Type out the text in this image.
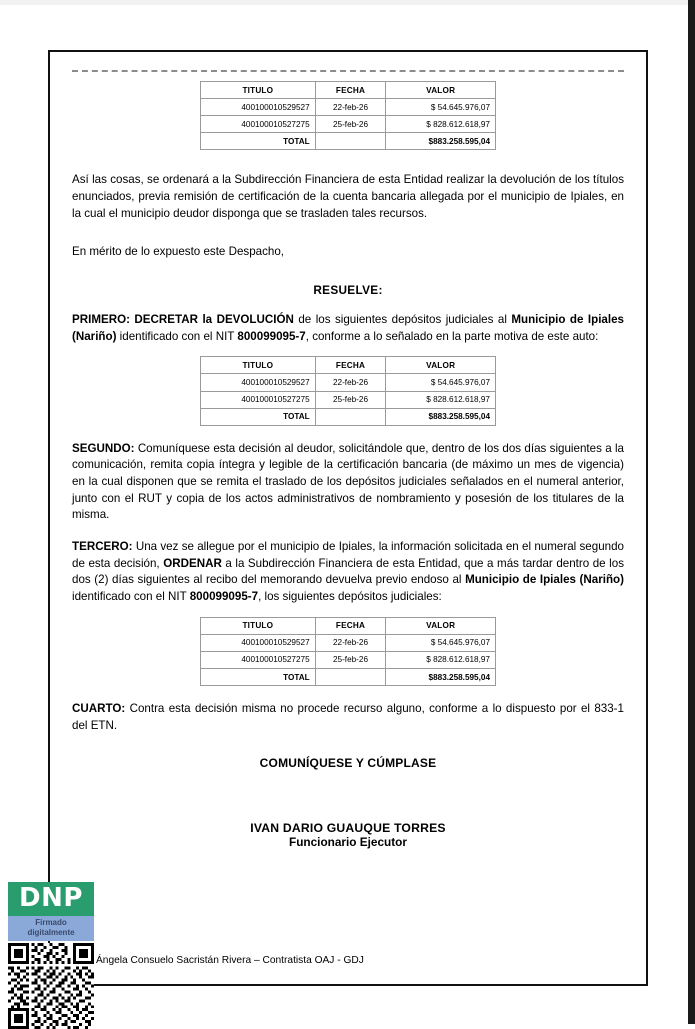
TITULO	FECHA	VALOR
400100010529527	22-feb-26	$ 54.645.976,07
400100010527275	25-feb-26	$ 828.612.618,97
TOTAL		$883.258.595,04

Así las cosas, se ordenará a la Subdirección Financiera de esta Entidad realizar la devolución de los títulos enunciados, previa remisión de certificación de la cuenta bancaria allegada por el municipio de Ipiales, en la cual el municipio deudor disponga que se trasladen tales recursos.

En mérito de lo expuesto este Despacho,

RESUELVE:

PRIMERO: DECRETAR la DEVOLUCIÓN de los siguientes depósitos judiciales al Municipio de Ipiales (Nariño) identificado con el NIT 800099095-7, conforme a lo señalado en la parte motiva de este auto:

TITULO	FECHA	VALOR
400100010529527	22-feb-26	$ 54.645.976,07
400100010527275	25-feb-26	$ 828.612.618,97
TOTAL		$883.258.595,04

SEGUNDO: Comuníquese esta decisión al deudor, solicitándole que, dentro de los dos días siguientes a la comunicación, remita copia íntegra y legible de la certificación bancaria (de máximo un mes de vigencia) en la cual disponen que se remita el traslado de los depósitos judiciales señalados en el numeral anterior, junto con el RUT y copia de los actos administrativos de nombramiento y posesión de los titulares de la misma.

TERCERO: Una vez se allegue por el municipio de Ipiales, la información solicitada en el numeral segundo de esta decisión, ORDENAR a la Subdirección Financiera de esta Entidad, que a más tardar dentro de los dos (2) días siguientes al recibo del memorando devuelva previo endoso al Municipio de Ipiales (Nariño) identificado con el NIT 800099095-7, los siguientes depósitos judiciales:

TITULO	FECHA	VALOR
400100010529527	22-feb-26	$ 54.645.976,07
400100010527275	25-feb-26	$ 828.612.618,97
TOTAL		$883.258.595,04

CUARTO: Contra esta decisión misma no procede recurso alguno, conforme a lo dispuesto por el 833-1 del ETN.

COMUNÍQUESE Y CÚMPLASE
IVAN DARIO GUAUQUE TORRES
Funcionario Ejecutor
Ángela Consuelo Sacristán Rivera – Contratista OAJ - GDJ
DNP
Firmado
digitalmente
